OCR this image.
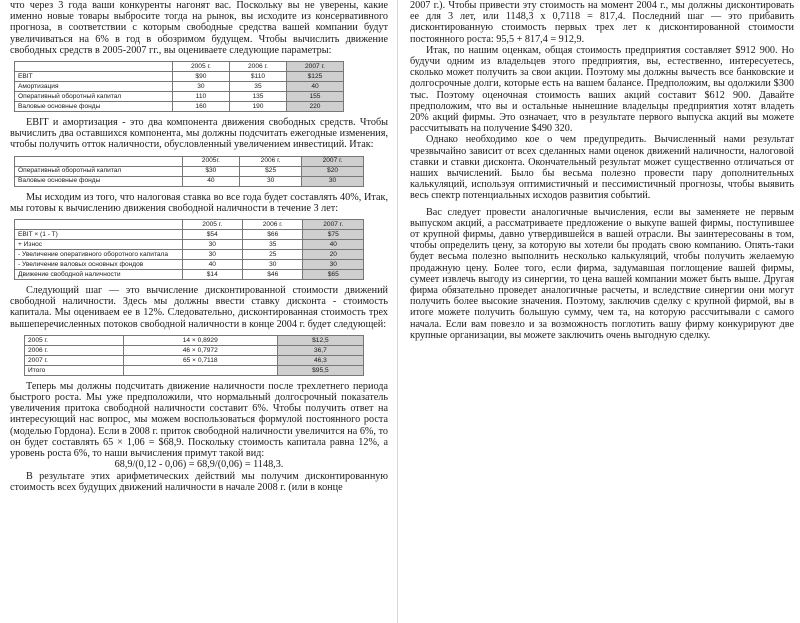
что через 3 года ваши конкуренты нагонят вас. Поскольку вы не уверены, какие именно новые товары выбросите тогда на рынок, вы исходите из консервативного прогноза, в соответствии с которым свободные средства вашей компании будут увеличиваться на 6% в год в обозримом будущем. Чтобы вычислить движение свободных средств в 2005-2007 гг., вы оцениваете следующие параметры:

	2005 г.	2006 г.	2007 г.
EBIT	$90	$110	$125
Амортизация	30	35	40
Оперативный оборотный капитал	110	135	155
Валовые основные фонды	160	190	220

EBIT и амортизация - это два компонента движения свободных средств. Чтобы вычислить два оставшихся компонента, мы должны подсчитать ежегодные изменения, чтобы получить отток наличности, обусловленный увеличением инвестиций. Итак:

	2005г.	2006 г.	2007 г.
Оперативный оборотный капитал	$30	$25	$20
Валовые основные фонды	40	30	30

Мы исходим из того, что налоговая ставка во все года будет составлять 40%, Итак, мы готовы к вычислению движения свободной наличности в течение 3 лет:

	2005 г.	2006 г.	2007 г.
EBIT × (1 - T)	$54	$66	$75
+ Износ	30	35	40
- Увеличение оперативного оборотного капитала	30	25	20
- Увеличение валовых основных фондов	40	30	30
Движение свободной наличности	$14	$46	$65

Следующий шаг — это вычисление дисконтированной стоимости движений свободной наличности. Здесь мы должны ввести ставку дисконта - стоимость капитала. Мы оцениваем ее в 12%. Следовательно, дисконтированная стоимость трех вышеперечисленных потоков свободной наличности в конце 2004 г. будет следующей:

2005 г.	14 × 0,8929	$12,5
2006 г.	46 × 0,7972	36,7
2007 г.	65 × 0,7118	46,3
Итого		$95,5

Теперь мы должны подсчитать движение наличности после трехлетнего периода быстрого роста. Мы уже предположили, что нормальный долгосрочный показатель увеличения притока свободной наличности составит 6%. Чтобы получить ответ на интересующий нас вопрос, мы можем воспользоваться формулой постоянного роста (моделью Гордона). Если в 2008 г. приток свободной наличности увеличится на 6%, то он будет составлять 65 × 1,06 = $68,9. Поскольку стоимость капитала равна 12%, а уровень роста 6%, то наши вычисления примут такой вид:

68,9/(0,12 - 0,06) = 68,9/(0,06) = 1148,3.

В результате этих арифметических действий мы получим дисконтированную стоимость всех будущих движений наличности в начале 2008 г. (или в конце

2007 г.). Чтобы привести эту стоимость на момент 2004 г., мы должны дисконтировать ее для 3 лет, или 1148,3 х 0,7118 = 817,4. Последний шаг — это прибавить дисконтированную стоимость первых трех лет к дисконтированной стоимости постоянного роста: 95,5 + 817,4 = 912,9.

Итак, по нашим оценкам, общая стоимость предприятия составляет $912 900. Но будучи одним из владельцев этого предприятия, вы, естественно, интересуетесь, сколько может получить за свои акции. Поэтому мы должны вычесть все банковские и долгосрочные долги, которые есть на вашем балансе. Предположим, вы одолжили $300 тыс. Поэтому оценочная стоимость ваших акций составит $612 900. Давайте предположим, что вы и остальные нынешние владельцы предприятия хотят владеть 20% акций фирмы. Это означает, что в результате первого выпуска акций вы можете рассчитывать на получение $490 320.

Однако необходимо кое о чем предупредить. Вычисленный нами результат чрезвычайно зависит от всех сделанных нами оценок движений наличности, налоговой ставки и ставки дисконта. Окончательный результат может существенно отличаться от наших вычислений. Было бы весьма полезно провести пару дополнительных калькуляций, используя оптимистичный и пессимистичный прогнозы, чтобы выявить весь спектр потенциальных исходов развития событий.

Вас следует провести аналогичные вычисления, если вы заменяете не первым выпуском акций, а рассматриваете предложение о выкупе вашей фирмы, поступившее от крупной фирмы, давно утвердившейся в вашей отрасли. Вы заинтересованы в том, чтобы определить цену, за которую вы хотели бы продать свою компанию. Опять-таки будет весьма полезно выполнить несколько калькуляций, чтобы получить желаемую продажную цену. Более того, если фирма, задумавшая поглощение вашей фирмы, сумеет извлечь выгоду из синергии, то цена вашей компании может быть выше. Другая фирма обязательно проведет аналогичные расчеты, и вследствие синергии они могут получить более высокие значения. Поэтому, заключив сделку с крупной фирмой, вы в итоге можете получить большую сумму, чем та, на которую рассчитывали с самого начала. Если вам повезло и за возможность поглотить вашу фирму конкурируют две крупные организации, вы можете заключить очень выгодную сделку.
